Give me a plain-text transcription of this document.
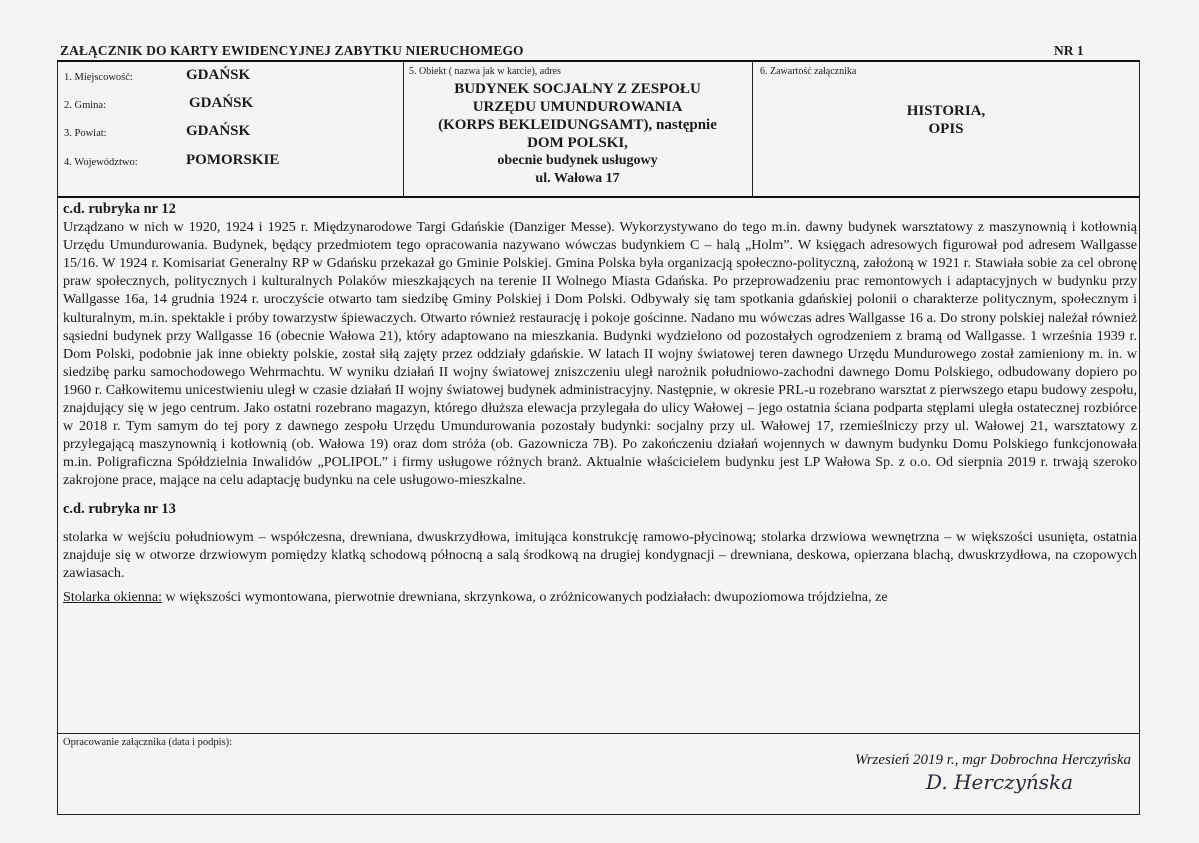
ZAŁĄCZNIK DO KARTY EWIDENCYJNEJ ZABYTKU NIERUCHOMEGO	NR 1
1. Miejscowość:	GDAŃSK
2. Gmina:	GDAŃSK
3. Powiat:	GDAŃSK
4. Województwo:	POMORSKIE
5. Obiekt ( nazwa jak w karcie), adres
BUDYNEK SOCJALNY Z ZESPOŁU
URZĘDU UMUNDUROWANIA
(KORPS BEKLEIDUNGSAMT), następnie
DOM POLSKI,
obecnie budynek usługowy
ul. Wałowa 17
6. Zawartość załącznika
HISTORIA,
OPIS
c.d. rubryka nr 12

Urządzano w nich w 1920, 1924 i 1925 r. Międzynarodowe Targi Gdańskie (Danziger Messe). Wykorzystywano do tego m.in. dawny budynek warsztatowy z maszynownią i kotłownią Urzędu Umundurowania. Budynek, będący przedmiotem tego opracowania nazywano wówczas budynkiem C – halą „Holm”. W księgach adresowych figurował pod adresem Wallgasse 15/16. W 1924 r. Komisariat Generalny RP w Gdańsku przekazał go Gminie Polskiej. Gmina Polska była organizacją społeczno-polityczną, założoną w 1921 r. Stawiała sobie za cel obronę praw społecznych, politycznych i kulturalnych Polaków mieszkających na terenie II Wolnego Miasta Gdańska. Po przeprowadzeniu prac remontowych i adaptacyjnych w budynku przy Wallgasse 16a, 14 grudnia 1924 r. uroczyście otwarto tam siedzibę Gminy Polskiej i Dom Polski. Odbywały się tam spotkania gdańskiej polonii o charakterze politycznym, społecznym i kulturalnym, m.in. spektakle i próby towarzystw śpiewaczych. Otwarto również restaurację i pokoje gościnne. Nadano mu wówczas adres Wallgasse 16 a. Do strony polskiej należał również sąsiedni budynek przy Wallgasse 16 (obecnie Wałowa 21), który adaptowano na mieszkania. Budynki wydzielono od pozostałych ogrodzeniem z bramą od Wallgasse. 1 września 1939 r. Dom Polski, podobnie jak inne obiekty polskie, został siłą zajęty przez oddziały gdańskie. W latach II wojny światowej teren dawnego Urzędu Mundurowego został zamieniony m. in. w siedzibę parku samochodowego Wehrmachtu. W wyniku działań II wojny światowej zniszczeniu uległ narożnik południowo-zachodni dawnego Domu Polskiego, odbudowany dopiero po 1960 r. Całkowitemu unicestwieniu uległ w czasie działań II wojny światowej budynek administracyjny. Następnie, w okresie PRL-u rozebrano warsztat z pierwszego etapu budowy zespołu, znajdujący się w jego centrum. Jako ostatni rozebrano magazyn, którego dłuższa elewacja przylegała do ulicy Wałowej – jego ostatnia ściana podparta stęplami uległa ostatecznej rozbiórce w 2018 r. Tym samym do tej pory z dawnego zespołu Urzędu Umundurowania pozostały budynki: socjalny przy ul. Wałowej 17, rzemieślniczy przy ul. Wałowej 21, warsztatowy z przylegającą maszynownią i kotłownią (ob. Wałowa 19) oraz dom stróża (ob. Gazownicza 7B). Po zakończeniu działań wojennych w dawnym budynku Domu Polskiego funkcjonowała m.in. Poligraficzna Spółdzielnia Inwalidów „POLIPOL” i firmy usługowe różnych branż. Aktualnie właścicielem budynku jest LP Wałowa Sp. z o.o. Od sierpnia 2019 r. trwają szeroko zakrojone prace, mające na celu adaptację budynku na cele usługowo-mieszkalne.

c.d. rubryka nr 13

stolarka w wejściu południowym – współczesna, drewniana, dwuskrzydłowa, imitująca konstrukcję ramowo-płycinową; stolarka drzwiowa wewnętrzna – w większości usunięta, ostatnia znajduje się w otworze drzwiowym pomiędzy klatką schodową północną a salą środkową na drugiej kondygnacji – drewniana, deskowa, opierzana blachą, dwuskrzydłowa, na czopowych zawiasach.

Stolarka okienna: w większości wymontowana, pierwotnie drewniana, skrzynkowa, o zróżnicowanych podziałach: dwupoziomowa trójdzielna, ze

Opracowanie załącznika (data i podpis):
Wrzesień 2019 r., mgr Dobrochna Herczyńska
D. Herczyńska
